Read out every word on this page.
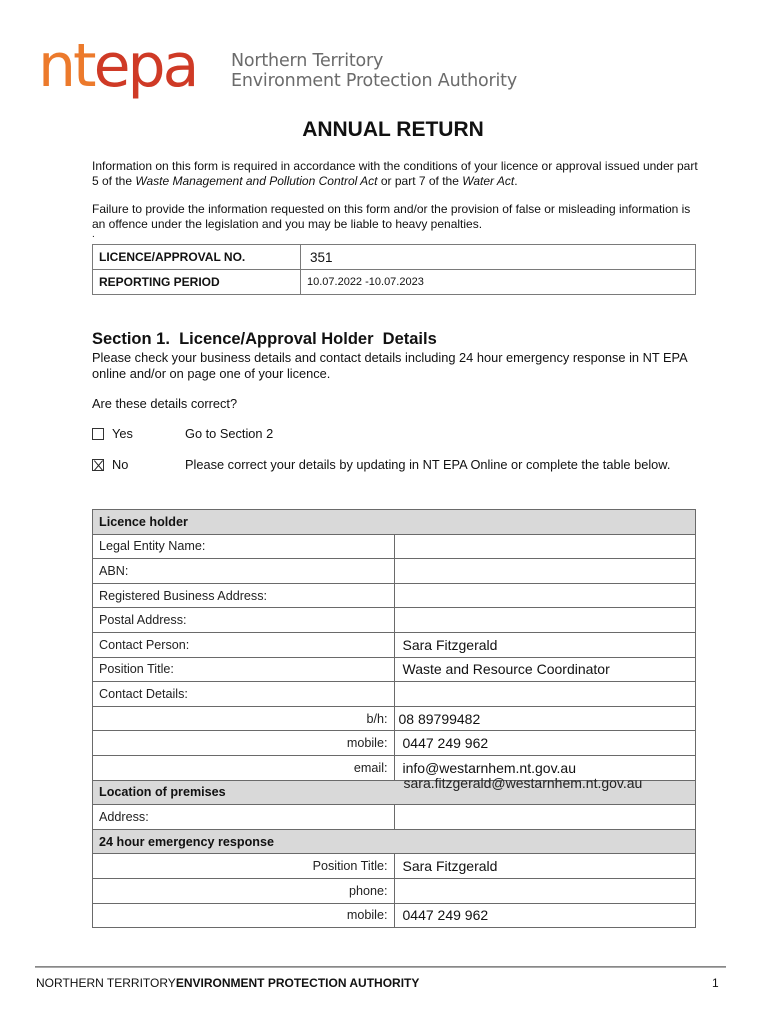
ntepa Northern Territory
Environment Protection Authority
ANNUAL RETURN
Information on this form is required in accordance with the conditions of your licence or approval issued under part 5 of the Waste Management and Pollution Control Act or part 7 of the Water Act.
Failure to provide the information requested on this form and/or the provision of false or misleading information is an offence under the legislation and you may be liable to heavy penalties.
.
LICENCE/APPROVAL NO.	351
REPORTING PERIOD	10.07.2022 -10.07.2023
Section 1.  Licence/Approval Holder  Details
Please check your business details and contact details including 24 hour emergency response in NT EPA online and/or on page one of your licence.
Are these details correct?
Yes	Go to Section 2
No	Please correct your details by updating in NT EPA Online or complete the table below.
Licence holder	
Legal Entity Name:	
ABN:	
Registered Business Address:	
Postal Address:	
Contact Person:	Sara Fitzgerald
Position Title:	Waste and Resource Coordinator
Contact Details:	
b/h:	08 89799482
mobile:	0447 249 962
email:	info@westarnhem.nt.gov.au
sara.fitzgerald@westarnhem.nt.gov.au

Location of premises	
Address:	
24 hour emergency response	
Position Title:	Sara Fitzgerald
phone:	
mobile:	0447 249 962
NORTHERN TERRITORYENVIRONMENT PROTECTION AUTHORITY	1
